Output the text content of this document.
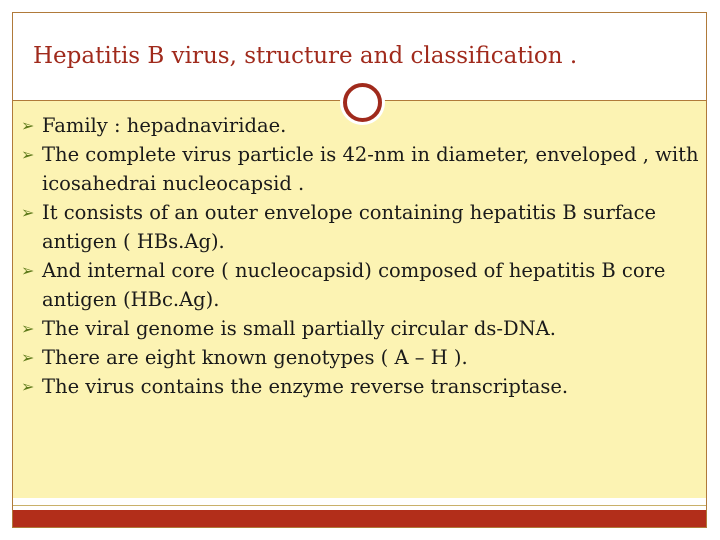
Hepatitis B virus, structure and classification .
➢ Family : hepadnaviridae.
➢ The complete virus particle is 42-nm in diameter, enveloped , with icosahedrai nucleocapsid .
➢ It consists of an outer envelope containing hepatitis B surface antigen ( HBs.Ag).
➢ And internal core ( nucleocapsid) composed of hepatitis B core antigen (HBc.Ag).
➢ The viral genome is small partially circular ds-DNA.
➢ There are eight known genotypes ( A – H ).
➢ The virus contains the enzyme reverse transcriptase.
